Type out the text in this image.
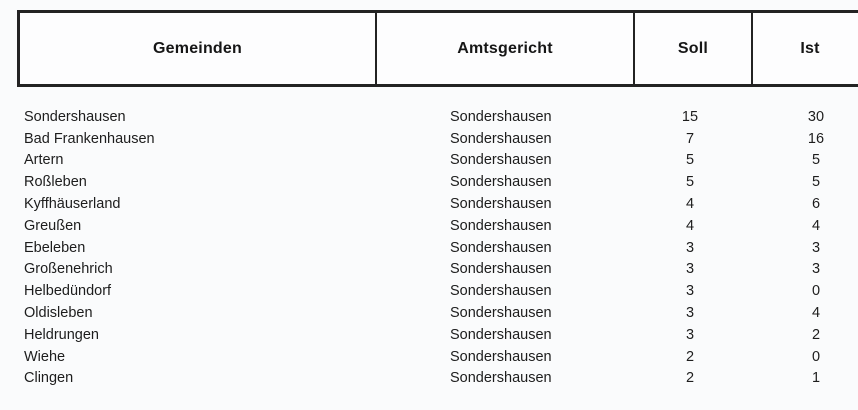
Gemeinden	Amtsgericht	Soll	Ist
Sondershausen	Sondershausen	15	30
Bad Frankenhausen	Sondershausen	7	16
Artern	Sondershausen	5	5
Roßleben	Sondershausen	5	5
Kyffhäuserland	Sondershausen	4	6
Greußen	Sondershausen	4	4
Ebeleben	Sondershausen	3	3
Großenehrich	Sondershausen	3	3
Helbedündorf	Sondershausen	3	0
Oldisleben	Sondershausen	3	4
Heldrungen	Sondershausen	3	2
Wiehe	Sondershausen	2	0
Clingen	Sondershausen	2	1
